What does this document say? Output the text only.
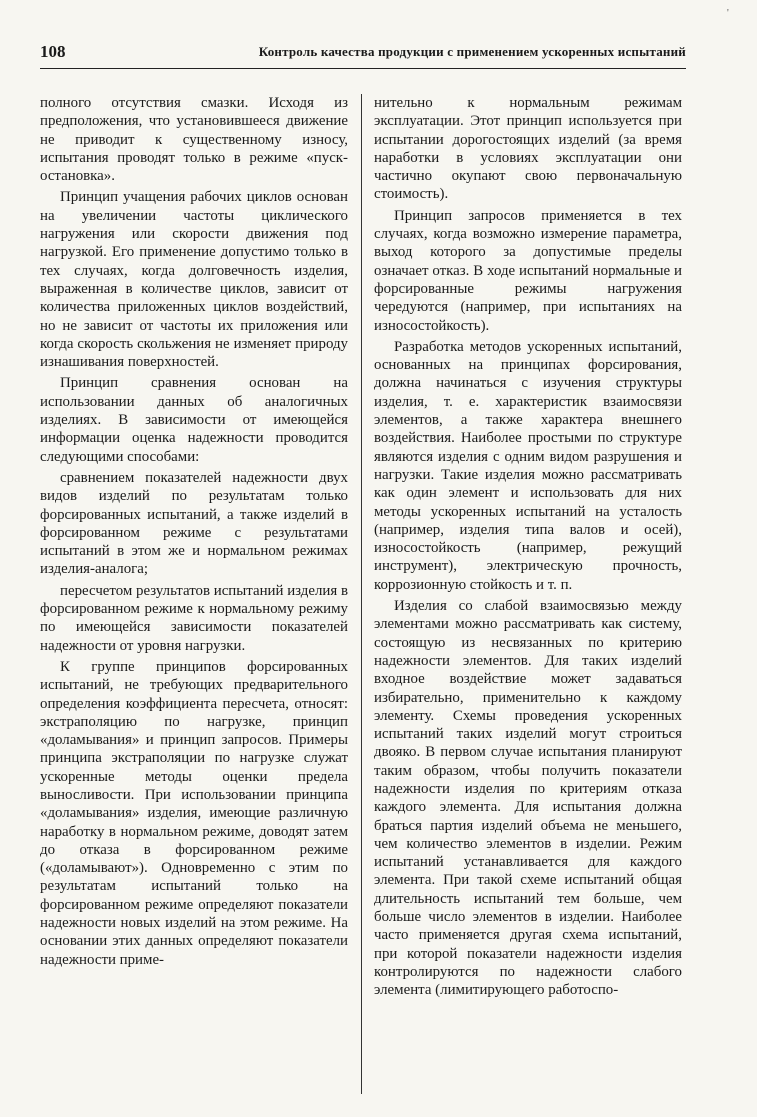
'
108	Контроль качества продукции с применением ускоренных испытаний

полного отсутствия смазки. Исходя из предположения, что установившееся движение не приводит к существенному износу, испытания проводят только в режиме «пуск-остановка».

Принцип учащения рабочих циклов основан на увеличении частоты циклического нагружения или скорости движения под нагрузкой. Его применение допустимо только в тех случаях, когда долговечность изделия, выраженная в количестве циклов, зависит от количества приложенных циклов воздействий, но не зависит от частоты их приложения или когда скорость скольжения не изменяет природу изнашивания поверхностей.

Принцип сравнения основан на использовании данных об аналогичных изделиях. В зависимости от имеющейся информации оценка надежности проводится следующими способами:

сравнением показателей надежности двух видов изделий по результатам только форсированных испытаний, а также изделий в форсированном режиме с результатами испытаний в этом же и нормальном режимах изделия-аналога;

пересчетом результатов испытаний изделия в форсированном режиме к нормальному режиму по имеющейся зависимости показателей надежности от уровня нагрузки.

К группе принципов форсированных испытаний, не требующих предварительного определения коэффициента пересчета, относят: экстраполяцию по нагрузке, принцип «доламывания» и принцип запросов. Примеры принципа экстраполяции по нагрузке служат ускоренные методы оценки предела выносливости. При использовании принципа «доламывания» изделия, имеющие различную наработку в нормальном режиме, доводят затем до отказа в форсированном режиме («доламывают»). Одновременно с этим по результатам испытаний только на форсированном режиме определяют показатели надежности новых изделий на этом режиме. На основании этих данных определяют показатели надежности приме-

нительно к нормальным режимам эксплуатации. Этот принцип используется при испытании дорогостоящих изделий (за время наработки в условиях эксплуатации они частично окупают свою первоначальную стоимость).

Принцип запросов применяется в тех случаях, когда возможно измерение параметра, выход которого за допустимые пределы означает отказ. В ходе испытаний нормальные и форсированные режимы нагружения чередуются (например, при испытаниях на износостойкость).

Разработка методов ускоренных испытаний, основанных на принципах форсирования, должна начинаться с изучения структуры изделия, т. е. характеристик взаимосвязи элементов, а также характера внешнего воздействия. Наиболее простыми по структуре являются изделия с одним видом разрушения и нагрузки. Такие изделия можно рассматривать как один элемент и использовать для них методы ускоренных испытаний на усталость (например, изделия типа валов и осей), износостойкость (например, режущий инструмент), электрическую прочность, коррозионную стойкость и т. п.

Изделия со слабой взаимосвязью между элементами можно рассматривать как систему, состоящую из несвязанных по критерию надежности элементов. Для таких изделий входное воздействие может задаваться избирательно, применительно к каждому элементу. Схемы проведения ускоренных испытаний таких изделий могут строиться двояко. В первом случае испытания планируют таким образом, чтобы получить показатели надежности изделия по критериям отказа каждого элемента. Для испытания должна браться партия изделий объема не меньшего, чем количество элементов в изделии. Режим испытаний устанавливается для каждого элемента. При такой схеме испытаний общая длительность испытаний тем больше, чем больше число элементов в изделии. Наиболее часто применяется другая схема испытаний, при которой показатели надежности изделия контролируются по надежности слабого элемента (лимитирующего работоспо-
